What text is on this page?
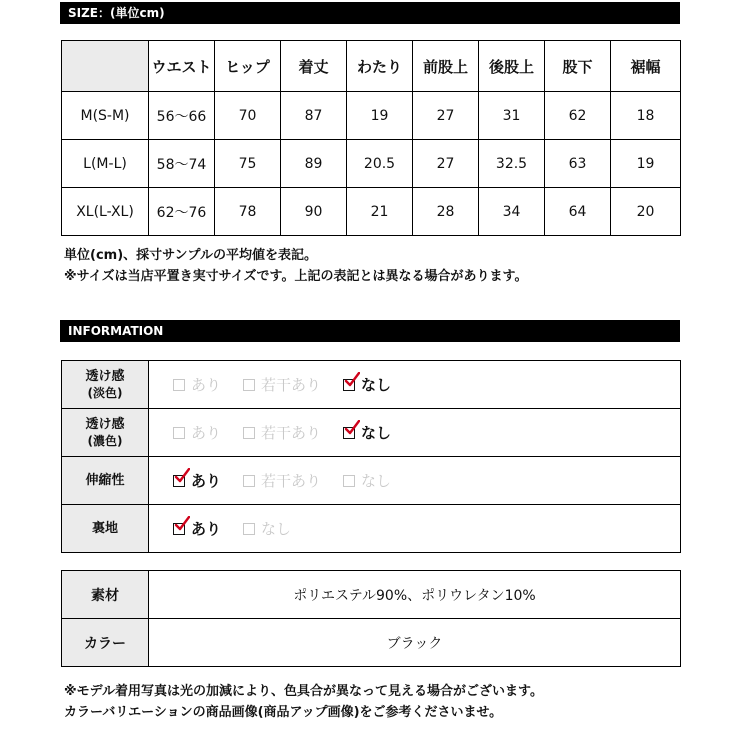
SIZE：(単位cm)
	ウエスト	ヒップ	着丈	わたり	前股上	後股上	股下	裾幅
M(S-M)	56～66	70	87	19	27	31	62	18
L(M-L)	58～74	75	89	20.5	27	32.5	63	19
XL(L-XL)	62～76	78	90	21	28	34	64	20
単位(cm)、採寸サンプルの平均値を表記。
※サイズは当店平置き実寸サイズです。上記の表記とは異なる場合があります。
INFORMATION
透け感
(淡色)	あり 若干あり なし
透け感
(濃色)	あり 若干あり なし
伸縮性	あり 若干あり なし
裏地	あり なし
素材	ポリエステル90%、ポリウレタン10%
カラー	ブラック
※モデル着用写真は光の加減により、色具合が異なって見える場合がございます。
カラーバリエーションの商品画像(商品アップ画像)をご参考くださいませ。
